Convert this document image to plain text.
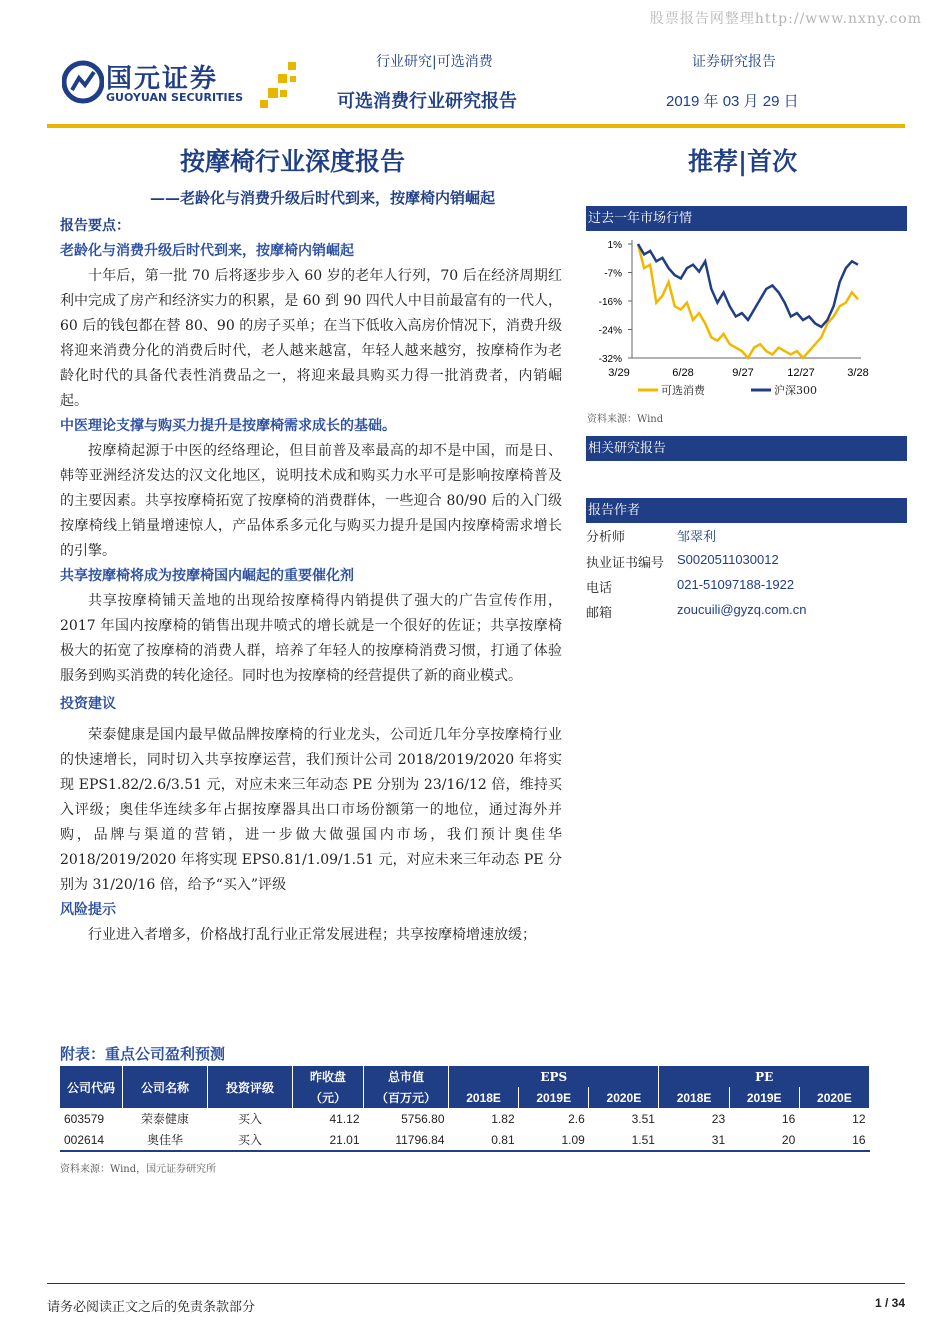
股票报告网整理http://www.nxny.com
国元证券
GUOYUAN SECURITIES
行业研究|可选消费	证券研究报告
可选消费行业研究报告	2019 年 03 月 29 日
按摩椅行业深度报告	推荐|首次
——老龄化与消费升级后时代到来，按摩椅内销崛起
报告要点：
老龄化与消费升级后时代到来，按摩椅内销崛起

十年后，第一批 70 后将逐步步入 60 岁的老年人行列，70 后在经济周期红利中完成了房产和经济实力的积累，是 60 到 90 四代人中目前最富有的一代人，60 后的钱包都在替 80、90 的房子买单；在当下低收入高房价情况下，消费升级将迎来消费分化的消费后时代，老人越来越富，年轻人越来越穷，按摩椅作为老龄化时代的具备代表性消费品之一，将迎来最具购买力得一批消费者，内销崛起。

中医理论支撑与购买力提升是按摩椅需求成长的基础。

按摩椅起源于中医的经络理论，但目前普及率最高的却不是中国，而是日、韩等亚洲经济发达的汉文化地区，说明技术成和购买力水平可是影响按摩椅普及的主要因素。共享按摩椅拓宽了按摩椅的消费群体，一些迎合 80/90 后的入门级按摩椅线上销量增速惊人，产品体系多元化与购买力提升是国内按摩椅需求增长的引擎。

共享按摩椅将成为按摩椅国内崛起的重要催化剂

共享按摩椅铺天盖地的出现给按摩椅得内销提供了强大的广告宣传作用，2017 年国内按摩椅的销售出现井喷式的增长就是一个很好的佐证；共享按摩椅极大的拓宽了按摩椅的消费人群，培养了年轻人的按摩椅消费习惯，打通了体验服务到购买消费的转化途径。同时也为按摩椅的经营提供了新的商业模式。

投资建议

荣泰健康是国内最早做品牌按摩椅的行业龙头，公司近几年分享按摩椅行业的快速增长，同时切入共享按摩运营，我们预计公司 2018/2019/2020 年将实现 EPS1.82/2.6/3.51 元，对应未来三年动态 PE 分别为 23/16/12 倍，维持买入评级；奥佳华连续多年占据按摩器具出口市场份额第一的地位，通过海外并购，品牌与渠道的营销，进一步做大做强国内市场，我们预计奥佳华 2018/2019/2020 年将实现 EPS0.81/1.09/1.51 元，对应未来三年动态 PE 分别为 31/20/16 倍，给予“买入”评级

风险提示

行业进入者增多，价格战打乱行业正常发展进程；共享按摩椅增速放缓；

过去一年市场行情
1%
-7%
-16%
-24%
-32%
3/29	6/28	9/27	12/27	3/28
可选消费	沪深300
资料来源：Wind
相关研究报告
报告作者
分析师	邹翠利
执业证书编号 S0020511030012
电话	021-51097188-1922
邮箱	zoucuili@gyzq.com.cn
附表：重点公司盈利预测
公司代码	公司名称	投资评级	昨收盘	总市值	EPS			PE		
			（元）	（百万元）	2018E	2019E	2020E	2018E	2019E	2020E
603579	荣泰健康	买入	41.12	5756.80	1.82	2.6	3.51	23	16	12
002614	奥佳华	买入	21.01	11796.84	0.81	1.09	1.51	31	20	16
资料来源：Wind，国元证券研究所
请务必阅读正文之后的免责条款部分	1 / 34
